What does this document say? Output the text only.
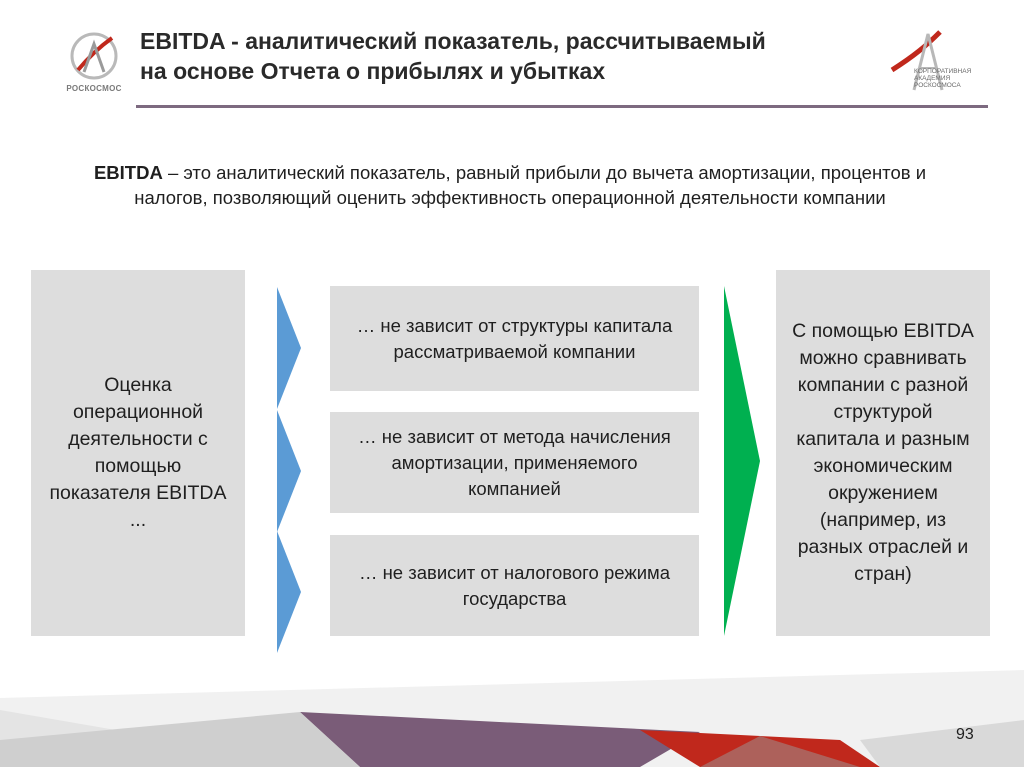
РОСКОСМОС
EBITDA - аналитический показатель, рассчитываемый
на основе Отчета о прибылях и убытках	КОРПОРАТИВНАЯ
АКАДЕМИЯ
РОСКОСМОСА
EBITDA – это аналитический показатель, равный прибыли до вычета амортизации, процентов и налогов, позволяющий оценить эффективность операционной деятельности компании
Оценка операционной деятельности с помощью показателя EBITDA ...
… не зависит от структуры капитала рассматриваемой компании
… не зависит от метода начисления амортизации, применяемого компанией
… не зависит от налогового режима государства
С помощью EBITDA можно сравнивать компании с разной структурой капитала и разным экономическим окружением (например, из разных отраслей и стран)
93
